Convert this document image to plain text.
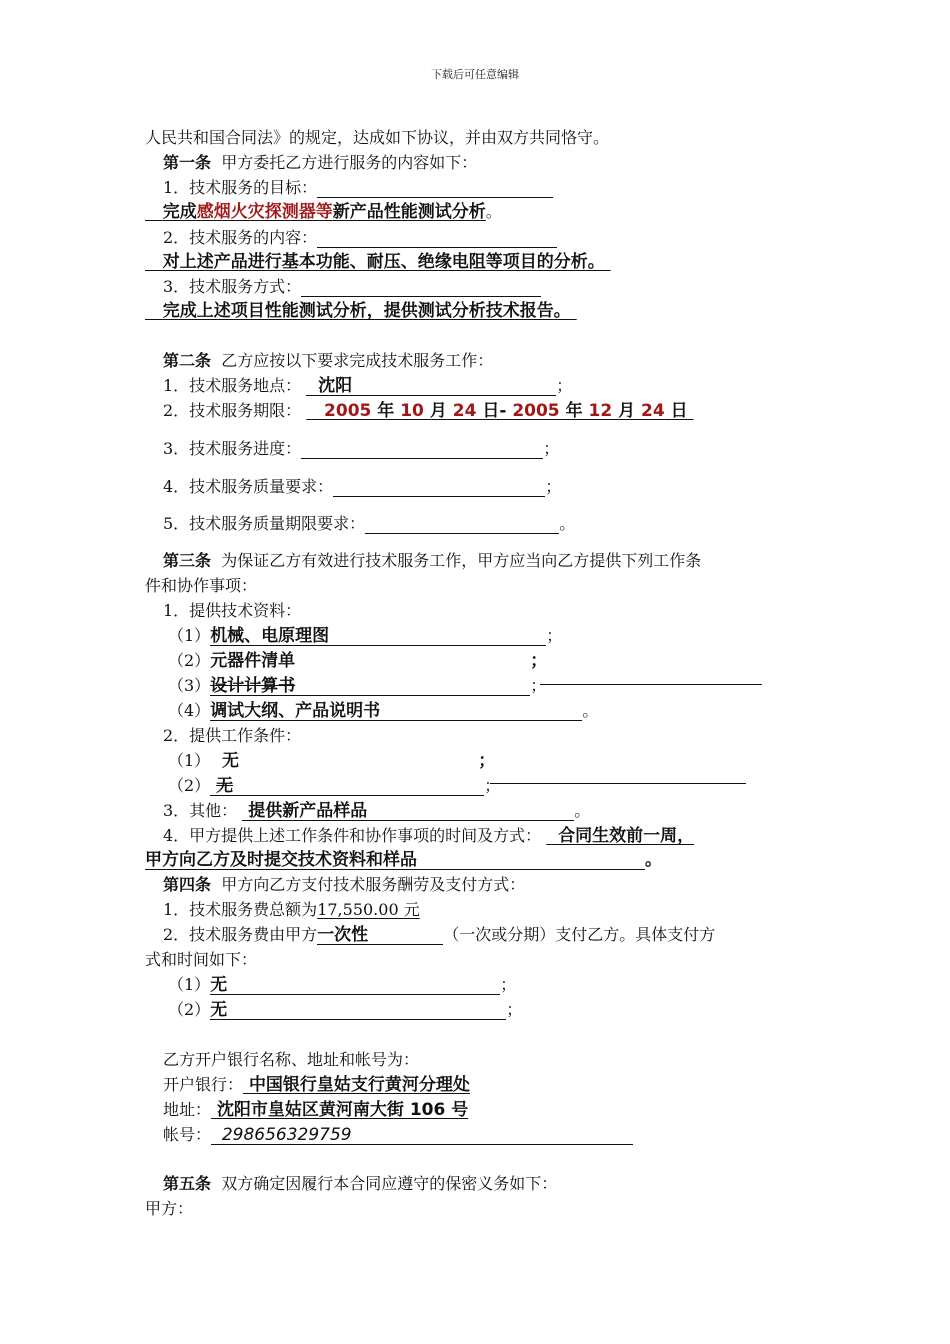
下载后可任意编辑
人民共和国合同法》的规定，达成如下协议，并由双方共同恪守。
第一条 甲方委托乙方进行服务的内容如下：
1．技术服务的目标：
完成感烟火灾探测器等新产品性能测试分析。
2．技术服务的内容：
对上述产品进行基本功能、耐压、绝缘电阻等项目的分析。
3．技术服务方式：
完成上述项目性能测试分析，提供测试分析技术报告。
第二条 乙方应按以下要求完成技术服务工作：
1．技术服务地点： 沈阳	；
2．技术服务期限： 2005 年 10 月 24 日- 2005 年 12 月 24 日
3．技术服务进度：	；
4．技术服务质量要求：	；
5．技术服务质量期限要求：	。
第三条 为保证乙方有效进行技术服务工作，甲方应当向乙方提供下列工作条
件和协作事项：
1．提供技术资料：
（1）机械、电原理图	；
（2）元器件清单	；
（3）设计计算书	；
（4）调试大纲、产品说明书	。
2．提供工作条件：
（1） 无	；
（2） 无	；
3．其他： 提供新产品样品	。
4．甲方提供上述工作条件和协作事项的时间及方式： 合同生效前一周，
甲方向乙方及时提交技术资料和样品	。
第四条 甲方向乙方支付技术服务酬劳及支付方式：
1．技术服务费总额为17,550.00 元
2．技术服务费由甲方一次性	（一次或分期）支付乙方。具体支付方
式和时间如下：
（1）无	；
（2）无	；
乙方开户银行名称、地址和帐号为：
开户银行： 中国银行皇姑支行黄河分理处
地址： 沈阳市皇姑区黄河南大街 106 号
帐号： 298656329759
第五条 双方确定因履行本合同应遵守的保密义务如下：
甲方：
